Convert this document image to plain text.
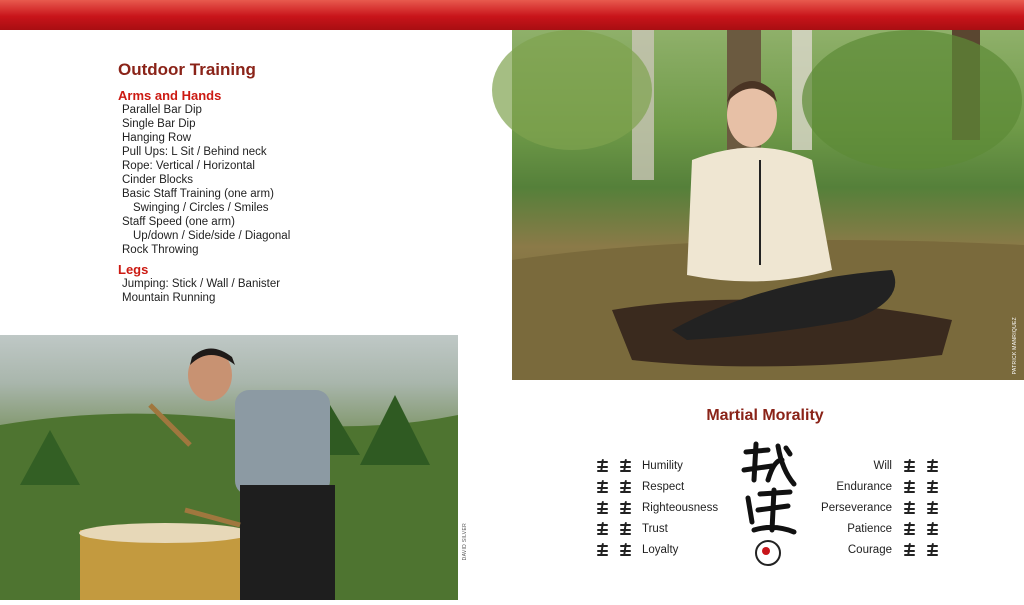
Outdoor Training
Arms and Hands
Parallel Bar Dip
Single Bar Dip
Hanging Row
Pull Ups: L Sit / Behind neck
Rope: Vertical / Horizontal
Cinder Blocks
Basic Staff Training (one arm)
Swinging / Circles / Smiles
Staff Speed (one arm)
Up/down / Side/side / Diagonal
Rock Throwing
Legs
Jumping: Stick / Wall / Banister
Mountain Running
PATRICK MANRIQUEZ
DAVID SILVER
Martial Morality
Humility
Respect
Righteousness
Trust
Loyalty
Will
Endurance
Perseverance
Patience
Courage
